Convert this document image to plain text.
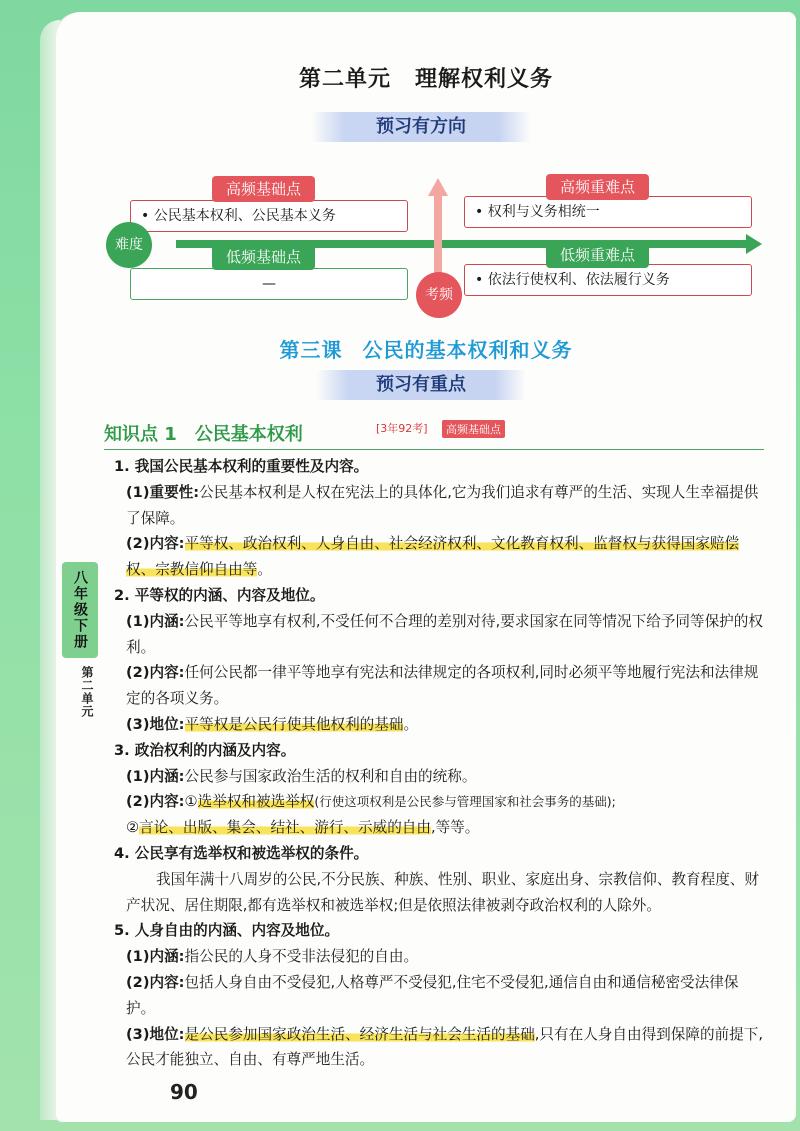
第二单元 理解权利义务
预习有方向
• 公民基本权利、公民基本义务
高频基础点
• 权利与义务相统一
高频重难点
—
低频基础点
• 依法行使权利、依法履行义务
低频重难点
难度
考频
第三课 公民的基本权利和义务
预习有重点
知识点 1　公民基本权利	[3年92考]	高频基础点

1. 我国公民基本权利的重要性及内容。

(1)重要性:公民基本权利是人权在宪法上的具体化,它为我们追求有尊严的生活、实现人生幸福提供了保障。

(2)内容:平等权、政治权利、人身自由、社会经济权利、文化教育权利、监督权与获得国家赔偿权、宗教信仰自由等。

2. 平等权的内涵、内容及地位。

(1)内涵:公民平等地享有权利,不受任何不合理的差别对待,要求国家在同等情况下给予同等保护的权利。

(2)内容:任何公民都一律平等地享有宪法和法律规定的各项权利,同时必须平等地履行宪法和法律规定的各项义务。

(3)地位:平等权是公民行使其他权利的基础。

3. 政治权利的内涵及内容。

(1)内涵:公民参与国家政治生活的权利和自由的统称。

(2)内容:①选举权和被选举权(行使这项权利是公民参与管理国家和社会事务的基础);
②言论、出版、集会、结社、游行、示威的自由,等等。

4. 公民享有选举权和被选举权的条件。

我国年满十八周岁的公民,不分民族、种族、性别、职业、家庭出身、宗教信仰、教育程度、财产状况、居住期限,都有选举权和被选举权;但是依照法律被剥夺政治权利的人除外。

5. 人身自由的内涵、内容及地位。

(1)内涵:指公民的人身不受非法侵犯的自由。

(2)内容:包括人身自由不受侵犯,人格尊严不受侵犯,住宅不受侵犯,通信自由和通信秘密受法律保护。

(3)地位:是公民参加国家政治生活、经济生活与社会生活的基础,只有在人身自由得到保障的前提下,公民才能独立、自由、有尊严地生活。

90
八年级下册
第二单元
